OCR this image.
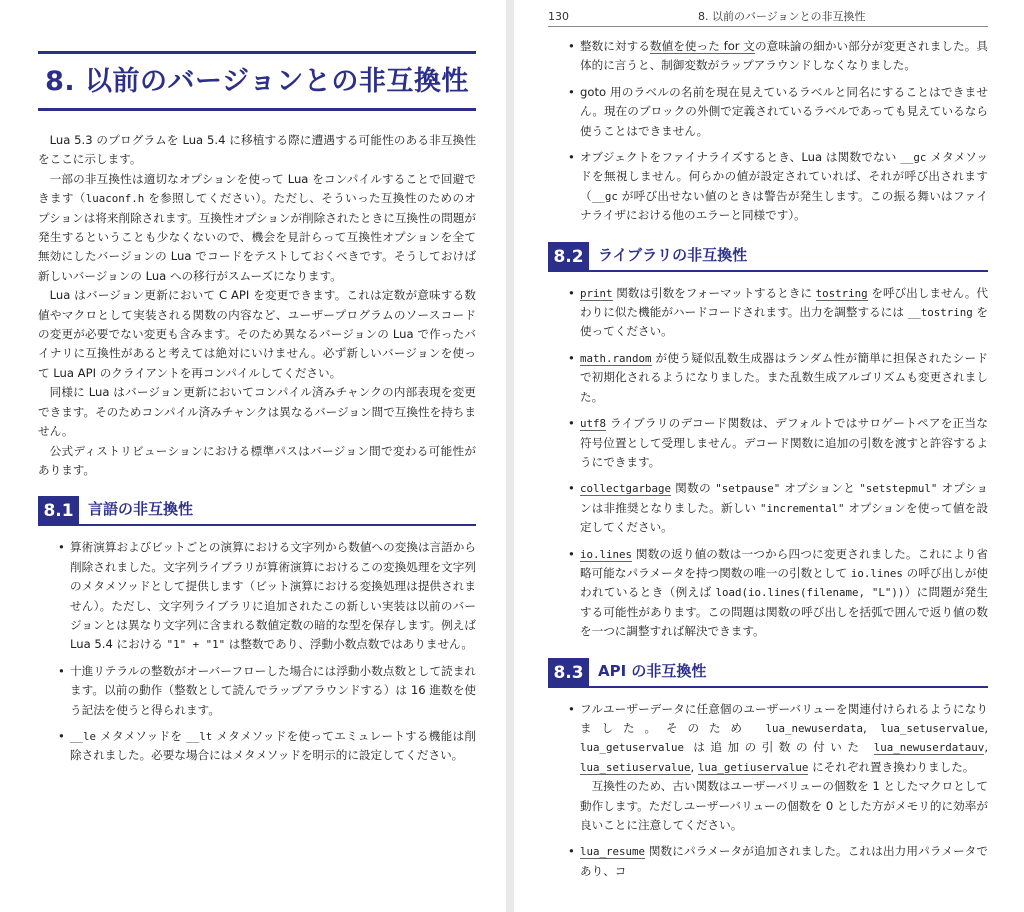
8. 以前のバージョンとの非互換性

Lua 5.3 のプログラムを Lua 5.4 に移植する際に遭遇する可能性のある非互換性をここに示します。

一部の非互換性は適切なオプションを使って Lua をコンパイルすることで回避できます（luaconf.h を参照してください）。ただし、そういった互換性のためのオプションは将来削除されます。互換性オプションが削除されたときに互換性の問題が発生するということも少なくないので、機会を見計らって互換性オプションを全て無効にしたバージョンの Lua でコードをテストしておくべきです。そうしておけば新しいバージョンの Lua への移行がスムーズになります。

Lua はバージョン更新において C API を変更できます。これは定数が意味する数値やマクロとして実装される関数の内容など、ユーザープログラムのソースコードの変更が必要でない変更も含みます。そのため異なるバージョンの Lua で作ったバイナリに互換性があると考えては絶対にいけません。必ず新しいバージョンを使って Lua API のクライアントを再コンパイルしてください。

同様に Lua はバージョン更新においてコンパイル済みチャンクの内部表現を変更できます。そのためコンパイル済みチャンクは異なるバージョン間で互換性を持ちません。

公式ディストリビューションにおける標準パスはバージョン間で変わる可能性があります。

8.1 言語の非互換性
• 算術演算およびビットごとの演算における文字列から数値への変換は言語から削除されました。文字列ライブラリが算術演算におけるこの変換処理を文字列のメタメソッドとして提供します（ビット演算における変換処理は提供されません）。ただし、文字列ライブラリに追加されたこの新しい実装は以前のバージョンとは異なり文字列に含まれる数値定数の暗的な型を保存します。例えば Lua 5.4 における "1" + "1" は整数であり、浮動小数点数ではありません。
• 十進リテラルの整数がオーバーフローした場合には浮動小数点数として読まれます。以前の動作（整数として読んでラップアラウンドする）は 16 進数を使う記法を使うと得られます。
• __le メタメソッドを __lt メタメソッドを使ってエミュレートする機能は削除されました。必要な場合にはメタメソッドを明示的に設定してください。
130	8. 以前のバージョンとの非互換性
• 整数に対する数値を使った for 文の意味論の細かい部分が変更されました。具体的に言うと、制御変数がラップアラウンドしなくなりました。
• goto 用のラベルの名前を現在見えているラベルと同名にすることはできません。現在のブロックの外側で定義されているラベルであっても見えているなら使うことはできません。
• オブジェクトをファイナライズするとき、Lua は関数でない __gc メタメソッドを無視しません。何らかの値が設定されていれば、それが呼び出されます（__gc が呼び出せない値のときは警告が発生します。この振る舞いはファイナライザにおける他のエラーと同様です）。
8.2 ライブラリの非互換性
• print 関数は引数をフォーマットするときに tostring を呼び出しません。代わりに似た機能がハードコードされます。出力を調整するには __tostring を使ってください。
• math.random が使う疑似乱数生成器はランダム性が簡単に担保されたシードで初期化されるようになりました。また乱数生成アルゴリズムも変更されました。
• utf8 ライブラリのデコード関数は、デフォルトではサロゲートペアを正当な符号位置として受理しません。デコード関数に追加の引数を渡すと許容するようにできます。
• collectgarbage 関数の "setpause" オプションと "setstepmul" オプションは非推奨となりました。新しい "incremental" オプションを使って値を設定してください。
• io.lines 関数の返り値の数は一つから四つに変更されました。これにより省略可能なパラメータを持つ関数の唯一の引数として io.lines の呼び出しが使われているとき（例えば load(io.lines(filename, "L"))）に問題が発生する可能性があります。この問題は関数の呼び出しを括弧で囲んで返り値の数を一つに調整すれば解決できます。
8.3 API の非互換性
• フルユーザーデータに任意個のユーザーバリューを関連付けられるようになりました。そのため lua_newuserdata, lua_setuservalue, lua_getuservalue は追加の引数の付いた lua_newuserdatauv, lua_setiuservalue, lua_getiuservalue にそれぞれ置き換わりました。

互換性のため、古い関数はユーザーバリューの個数を 1 としたマクロとして動作します。ただしユーザーバリューの個数を 0 とした方がメモリ的に効率が良いことに注意してください。

• lua_resume 関数にパラメータが追加されました。これは出力用パラメータであり、コ
